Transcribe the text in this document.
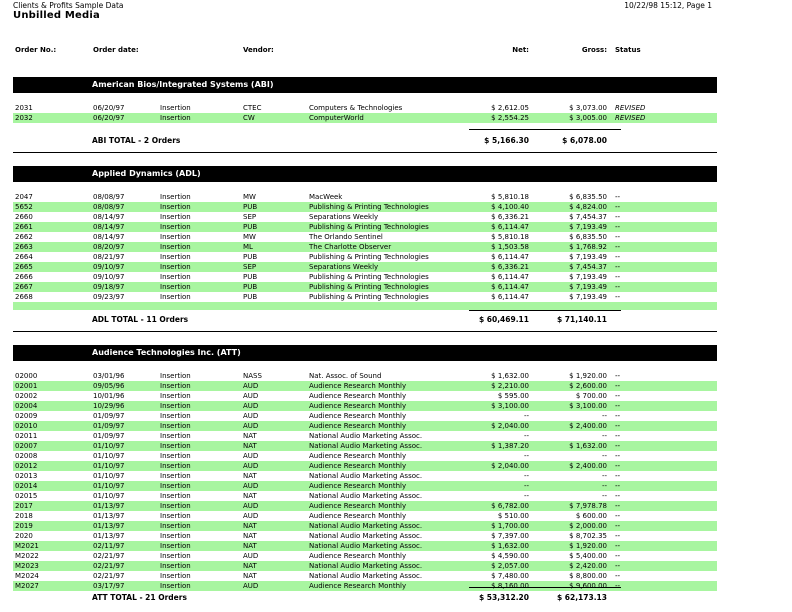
Clients & Profits Sample Data	10/22/98 15:12, Page 1
Unbilled Media
Order No.:	Order date:	Vendor:	Net:	Gross: Status
American Bios/Integrated Systems (ABI)
2031	06/20/97	Insertion	CTEC	Computers & Technologies	$ 2,612.05	$ 3,073.00 REVISED
2032	06/20/97	Insertion	CW	ComputerWorld	$ 2,554.25	$ 3,005.00 REVISED
ABI TOTAL - 2 Orders	$ 5,166.30	$ 6,078.00
Applied Dynamics (ADL)
2047	08/08/97	Insertion	MW	MacWeek	$ 5,810.18	$ 6,835.50 --
5652	08/08/97	Insertion	PUB	Publishing & Printing Technologies	$ 4,100.40	$ 4,824.00 --
2660	08/14/97	Insertion	SEP	Separations Weekly	$ 6,336.21	$ 7,454.37 --
2661	08/14/97	Insertion	PUB	Publishing & Printing Technologies	$ 6,114.47	$ 7,193.49 --
2662	08/14/97	Insertion	MW	The Orlando Sentinel	$ 5,810.18	$ 6,835.50 --
2663	08/20/97	Insertion	ML	The Charlotte Observer	$ 1,503.58	$ 1,768.92 --
2664	08/21/97	Insertion	PUB	Publishing & Printing Technologies	$ 6,114.47	$ 7,193.49 --
2665	09/10/97	Insertion	SEP	Separations Weekly	$ 6,336.21	$ 7,454.37 --
2666	09/10/97	Insertion	PUB	Publishing & Printing Technologies	$ 6,114.47	$ 7,193.49 --
2667	09/18/97	Insertion	PUB	Publishing & Printing Technologies	$ 6,114.47	$ 7,193.49 --
2668	09/23/97	Insertion	PUB	Publishing & Printing Technologies	$ 6,114.47	$ 7,193.49 --
ADL TOTAL - 11 Orders	$ 60,469.11	$ 71,140.11
Audience Technologies Inc. (ATT)
02000	03/01/96	Insertion	NASS	Nat. Assoc. of Sound	$ 1,632.00	$ 1,920.00 --
02001	09/05/96	Insertion	AUD	Audience Research Monthly	$ 2,210.00	$ 2,600.00 --
02002	10/01/96	Insertion	AUD	Audience Research Monthly	$ 595.00	$ 700.00 --
02004	10/29/96	Insertion	AUD	Audience Research Monthly	$ 3,100.00	$ 3,100.00 --
02009	01/09/97	Insertion	AUD	Audience Research Monthly	--	-- --
02010	01/09/97	Insertion	AUD	Audience Research Monthly	$ 2,040.00	$ 2,400.00 --
02011	01/09/97	Insertion	NAT	National Audio Marketing Assoc.	--	-- --
02007	01/10/97	Insertion	NAT	National Audio Marketing Assoc.	$ 1,387.20	$ 1,632.00 --
02008	01/10/97	Insertion	AUD	Audience Research Monthly	--	-- --
02012	01/10/97	Insertion	AUD	Audience Research Monthly	$ 2,040.00	$ 2,400.00 --
02013	01/10/97	Insertion	NAT	National Audio Marketing Assoc.	--	-- --
02014	01/10/97	Insertion	AUD	Audience Research Monthly	--	-- --
02015	01/10/97	Insertion	NAT	National Audio Marketing Assoc.	--	-- --
2017	01/13/97	Insertion	AUD	Audience Research Monthly	$ 6,782.00	$ 7,978.78 --
2018	01/13/97	Insertion	AUD	Audience Research Monthly	$ 510.00	$ 600.00 --
2019	01/13/97	Insertion	NAT	National Audio Marketing Assoc.	$ 1,700.00	$ 2,000.00 --
2020	01/13/97	Insertion	NAT	National Audio Marketing Assoc.	$ 7,397.00	$ 8,702.35 --
M2021	02/11/97	Insertion	NAT	National Audio Marketing Assoc.	$ 1,632.00	$ 1,920.00 --
M2022	02/21/97	Insertion	AUD	Audience Research Monthly	$ 4,590.00	$ 5,400.00 --
M2023	02/21/97	Insertion	NAT	National Audio Marketing Assoc.	$ 2,057.00	$ 2,420.00 --
M2024	02/21/97	Insertion	NAT	National Audio Marketing Assoc.	$ 7,480.00	$ 8,800.00 --
M2027	03/17/97	Insertion	AUD	Audience Research Monthly	$ 8,160.00	$ 9,600.00 --
ATT TOTAL - 21 Orders	$ 53,312.20	$ 62,173.13
